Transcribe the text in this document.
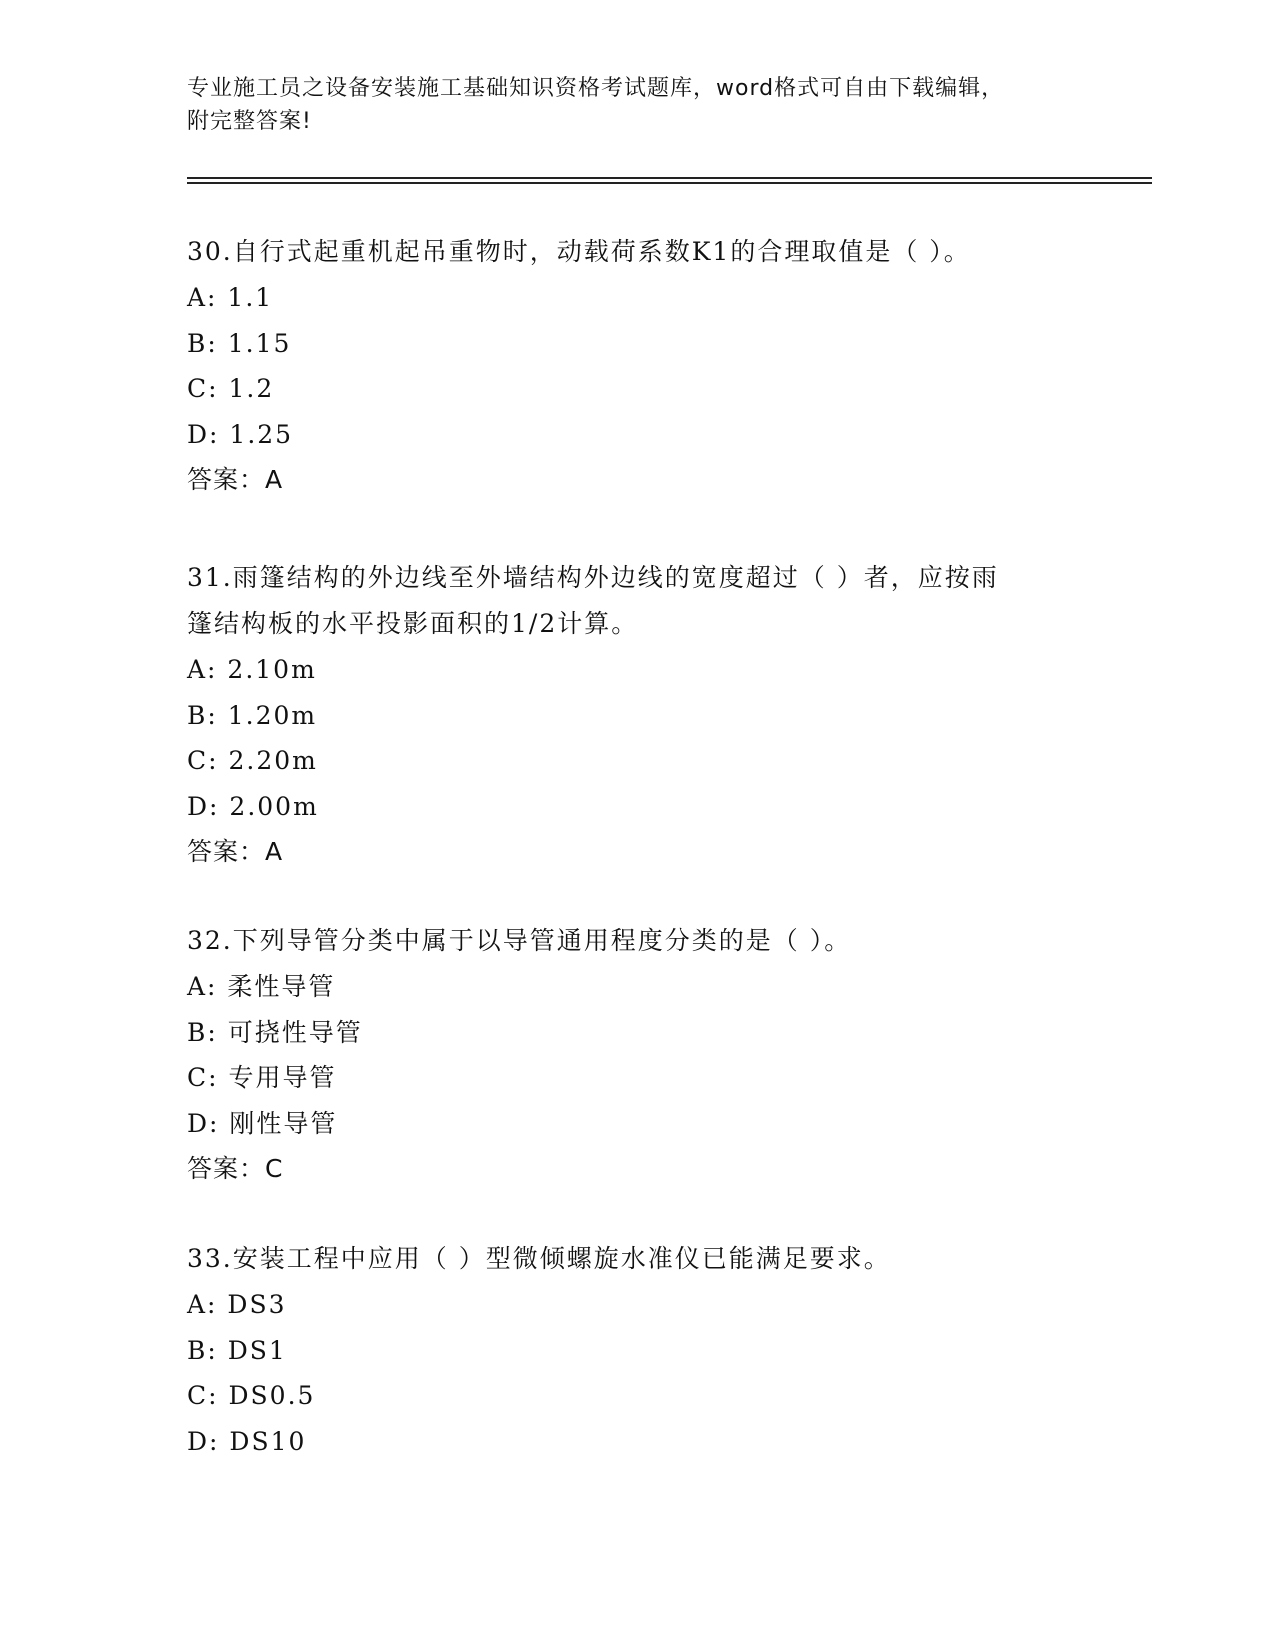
专业施工员之设备安装施工基础知识资格考试题库，word格式可自由下载编辑，

附完整答案!

30.自行式起重机起吊重物时，动载荷系数K1的合理取值是（ ）。

A: 1.1

B: 1.15

C: 1.2

D: 1.25

答案：A

31.雨篷结构的外边线至外墙结构外边线的宽度超过（ ）者，应按雨

篷结构板的水平投影面积的1/2计算。

A: 2.10m

B: 1.20m

C: 2.20m

D: 2.00m

答案：A

32.下列导管分类中属于以导管通用程度分类的是（ ）。

A: 柔性导管

B: 可挠性导管

C: 专用导管

D: 刚性导管

答案：C

33.安装工程中应用（ ）型微倾螺旋水准仪已能满足要求。

A: DS3

B: DS1

C: DS0.5

D: DS10
